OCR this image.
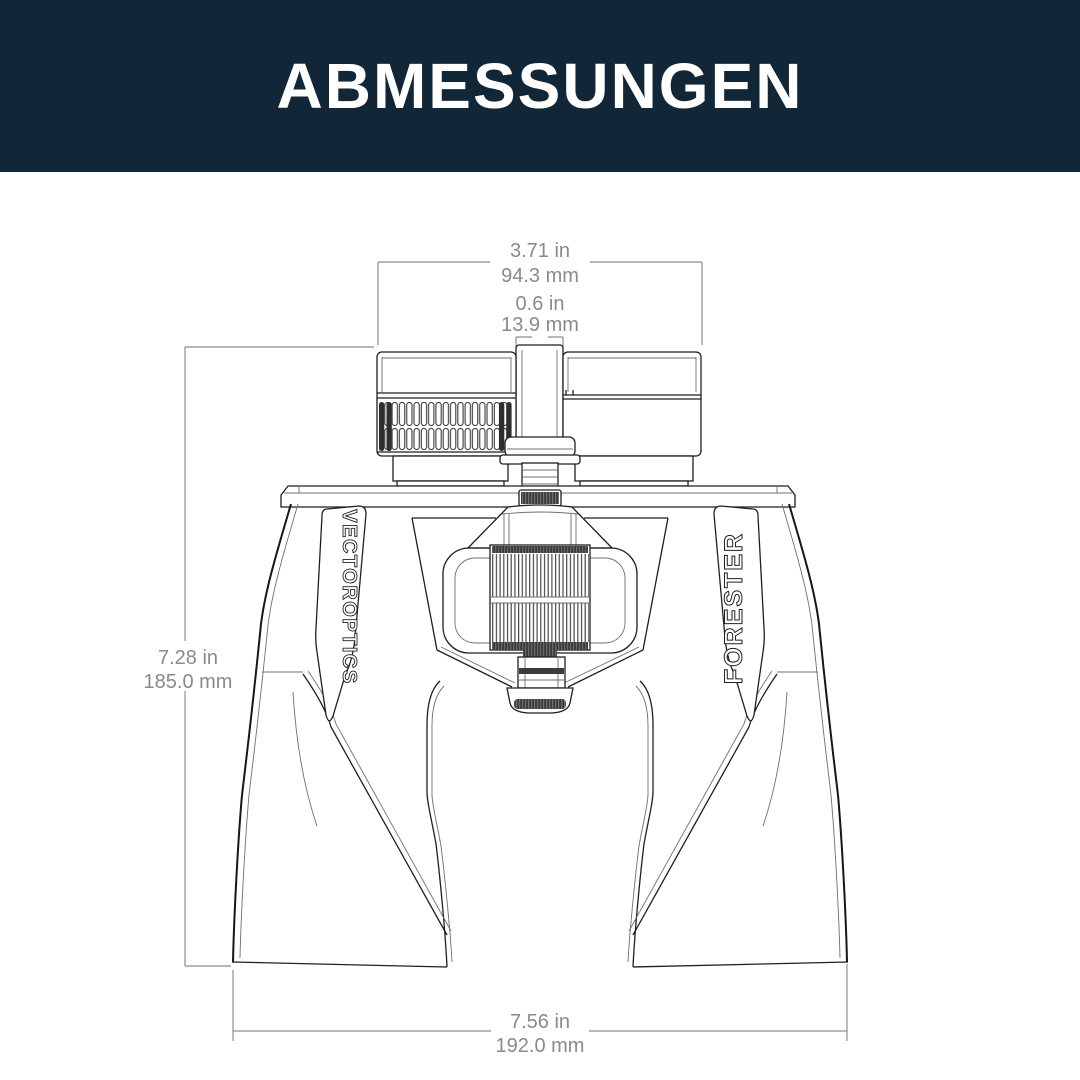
ABMESSUNGEN
3.71 in
94.3 mm
0.6 in
13.9 mm
7.28 in
185.0 mm
7.56 in
192.0 mm
VECTOROPTICS	FORESTER
